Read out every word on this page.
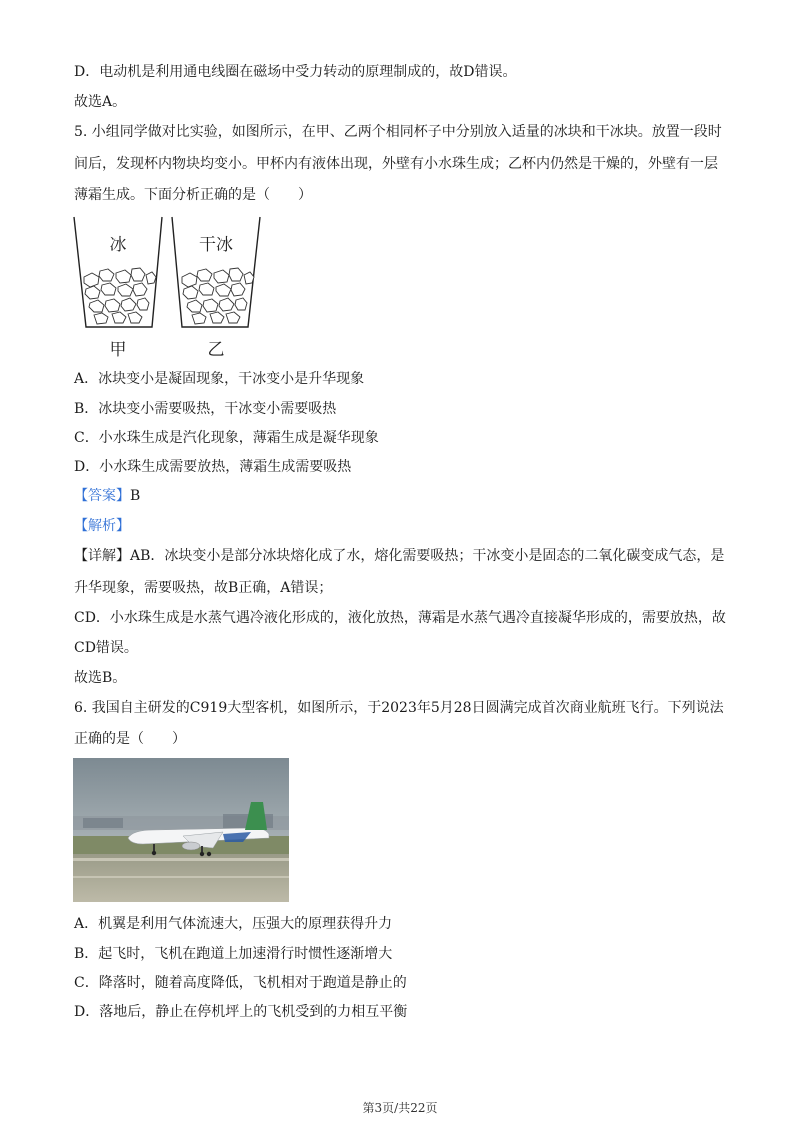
D．电动机是利用通电线圈在磁场中受力转动的原理制成的，故D错误。
故选A。
5. 小组同学做对比实验，如图所示，在甲、乙两个相同杯子中分别放入适量的冰块和干冰块。放置一段时
间后，发现杯内物块均变小。甲杯内有液体出现，外壁有小水珠生成；乙杯内仍然是干燥的，外壁有一层
薄霜生成。下面分析正确的是（　　）
冰	干冰
甲	乙
A．冰块变小是凝固现象，干冰变小是升华现象
B．冰块变小需要吸热，干冰变小需要吸热
C．小水珠生成是汽化现象，薄霜生成是凝华现象
D．小水珠生成需要放热，薄霜生成需要吸热
【答案】B
【解析】
【详解】AB．冰块变小是部分冰块熔化成了水，熔化需要吸热；干冰变小是固态的二氧化碳变成气态，是
升华现象，需要吸热，故B正确，A错误；
CD．小水珠生成是水蒸气遇冷液化形成的，液化放热，薄霜是水蒸气遇冷直接凝华形成的，需要放热，故
CD错误。
故选B。
6. 我国自主研发的C919大型客机，如图所示，于2023年5月28日圆满完成首次商业航班飞行。下列说法
正确的是（　　）
A．机翼是利用气体流速大，压强大的原理获得升力
B．起飞时，飞机在跑道上加速滑行时惯性逐渐增大
C．降落时，随着高度降低，飞机相对于跑道是静止的
D．落地后，静止在停机坪上的飞机受到的力相互平衡
第3页/共22页
